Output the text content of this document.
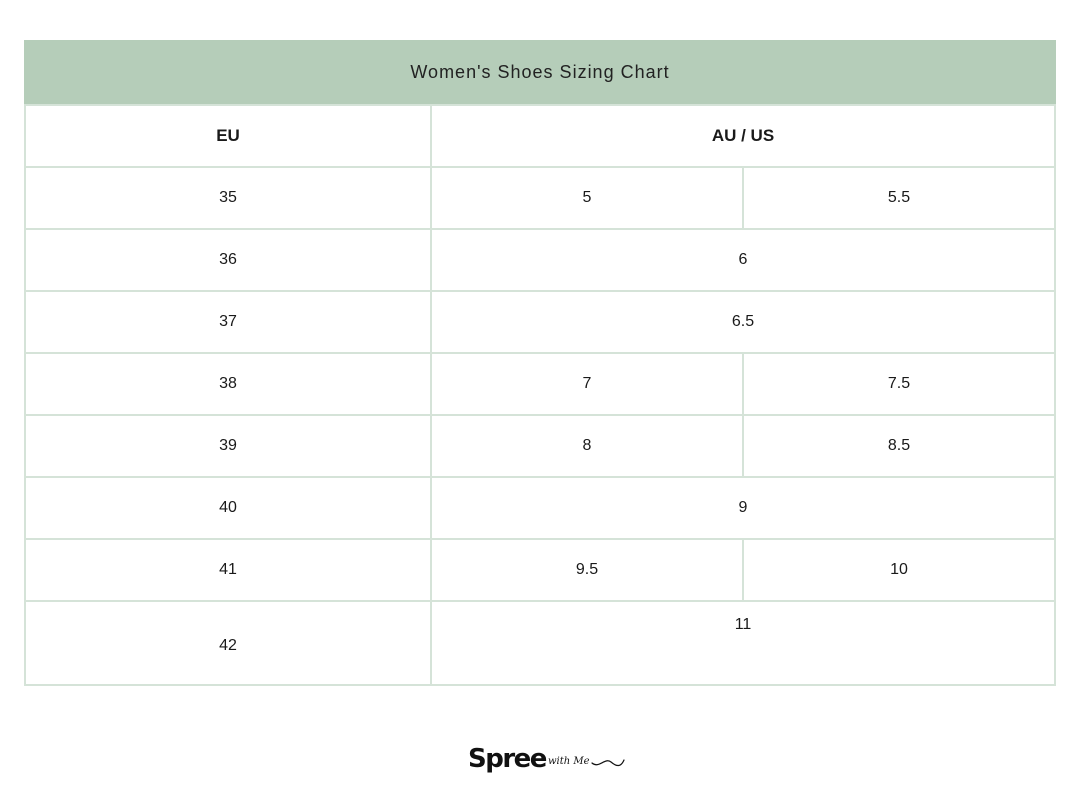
Women's Shoes Sizing Chart
EU	AU / US	
35	5	5.5
36	6	
37	6.5	
38	7	7.5
39	8	8.5
40	9	
41	9.5	10
42	11	
Spree with Me
